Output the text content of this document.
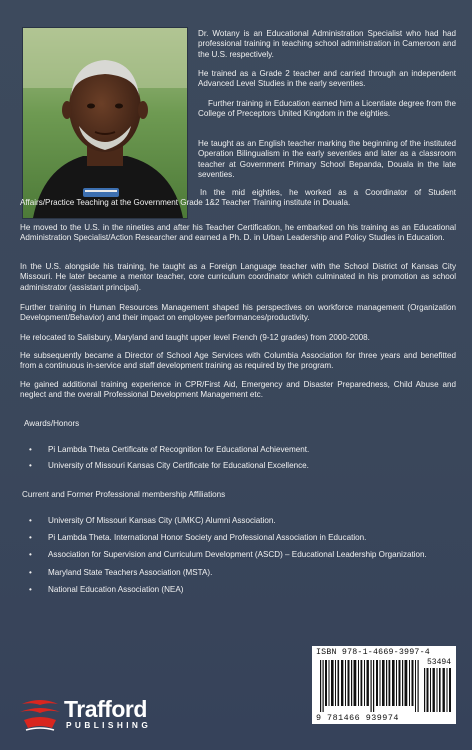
Dr. Wotany is an Educational Administration Specialist who had had professional training in teaching school administration in Cameroon and the U.S. respectively.

He trained as a Grade 2 teacher and carried through an independent Advanced Level Studies in the early seventies.

Further training in Education earned him a Licentiate degree from the College of Preceptors United Kingdom in the eighties.

He taught as an English teacher marking the beginning of the instituted Operation Bilingualism in the early seventies and later as a classroom teacher at Government Primary School Bepanda, Douala in the late seventies.

In the mid eighties, he worked as a Coordinator of Student Affairs/Practice Teaching at the Government Grade 1&2 Teacher Training institute in Douala.

He moved to the U.S. in the nineties and after his Teacher Certification, he embarked on his training as an Educational Administration Specialist/Action Researcher and earned a Ph. D. in Urban Leadership and Policy Studies in Education.

In the U.S. alongside his training, he taught as a Foreign Language teacher with the School District of Kansas City Missouri. He later became a mentor teacher, core curriculum coordinator which culminated in his promotion as school administrator (assistant principal).

Further training in Human Resources Management shaped his perspectives on workforce management (Organization Development/Behavior) and their impact on employee performances/productivity.

He relocated to Salisbury, Maryland and taught upper level French (9-12 grades) from 2000-2008.

He subsequently became a Director of School Age Services with Columbia Association for three years and benefitted from a continuous in-service and staff development training as required by the program.

He gained additional training experience in CPR/First Aid, Emergency and Disaster Preparedness, Child Abuse and neglect and the overall Professional Development Management etc.

Awards/Honors

• Pi Lambda Theta Certificate of Recognition for Educational Achievement.
• University of Missouri Kansas City Certificate for Educational Excellence.

Current and Former Professional membership Affiliations

• University Of Missouri Kansas City (UMKC) Alumni Association.
• Pi Lambda Theta. International Honor Society and Professional Association in Education.
• Association for Supervision and Curriculum Development (ASCD) – Educational Leadership Organization.
• Maryland State Teachers Association (MSTA).
• National Education Association (NEA)
ISBN 978-1-4669-3997-4
53494
9 781466 939974
Trafford
PUBLISHING
